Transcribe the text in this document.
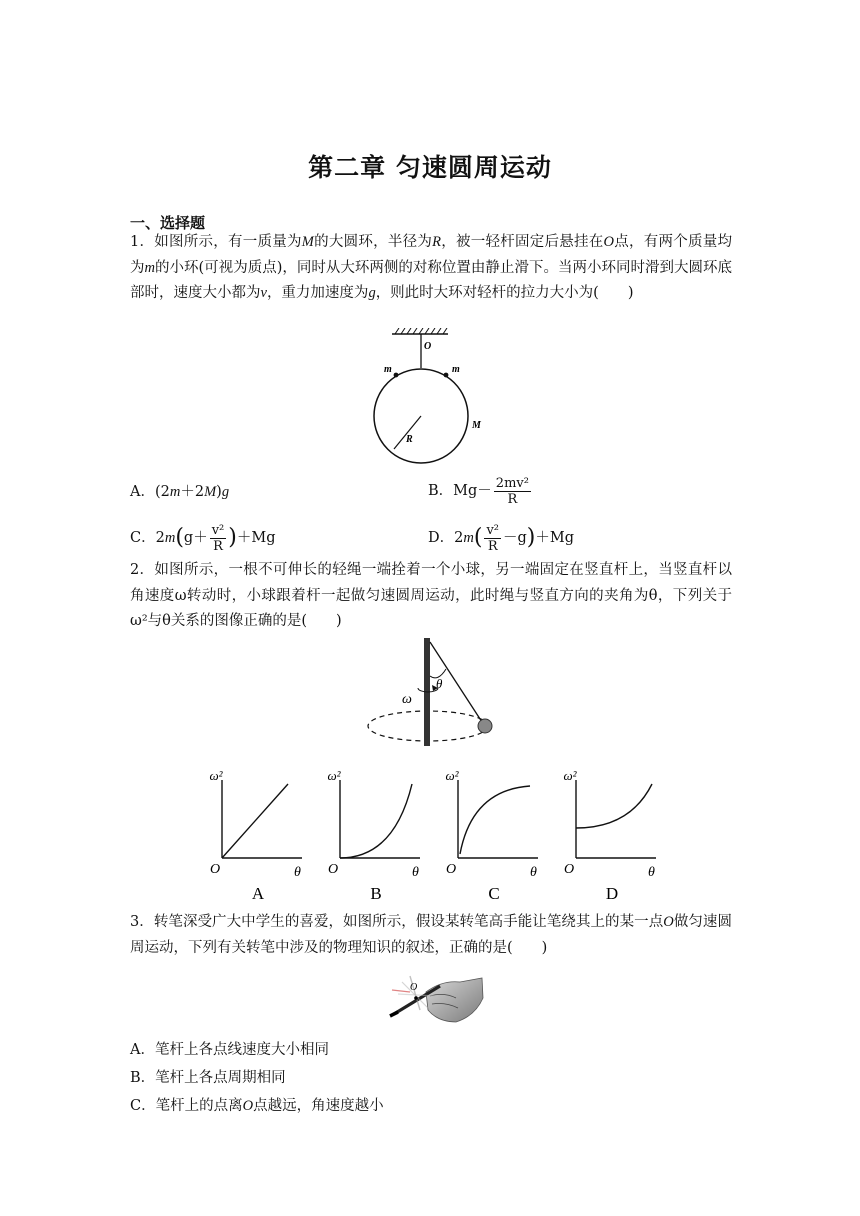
第二章 匀速圆周运动
一、选择题
1．如图所示，有一质量为M的大圆环，半径为R，被一轻杆固定后悬挂在O点，有两个质量均为m的小环(可视为质点)，同时从大环两侧的对称位置由静止滑下。当两小环同时滑到大圆环底部时，速度大小都为v，重力加速度为g，则此时大环对轻杆的拉力大小为(　　)
O
m	m
M
R
A．(2m＋2M)g	B．$Mg- \frac{\text{2mv²}}{R}$
C．$2m(g+ \frac{\text{v²}}{R} )+Mg$	D．$2m( \frac{\text{v²}}{R} -g)+Mg$
2．如图所示，一根不可伸长的轻绳一端拴着一个小球，另一端固定在竖直杆上，当竖直杆以角速度ω转动时，小球跟着杆一起做匀速圆周运动，此时绳与竖直方向的夹角为θ，下列关于ω²与θ关系的图像正确的是(　　)
θ
ω
ω²
O	θ
A
ω²
O	θ
B
ω²
O	θ
C
ω²
O	θ
D
3．转笔深受广大中学生的喜爱，如图所示，假设某转笔高手能让笔绕其上的某一点O做匀速圆周运动，下列有关转笔中涉及的物理知识的叙述，正确的是(　　)
O
A．笔杆上各点线速度大小相同
B．笔杆上各点周期相同
C．笔杆上的点离O点越远，角速度越小
